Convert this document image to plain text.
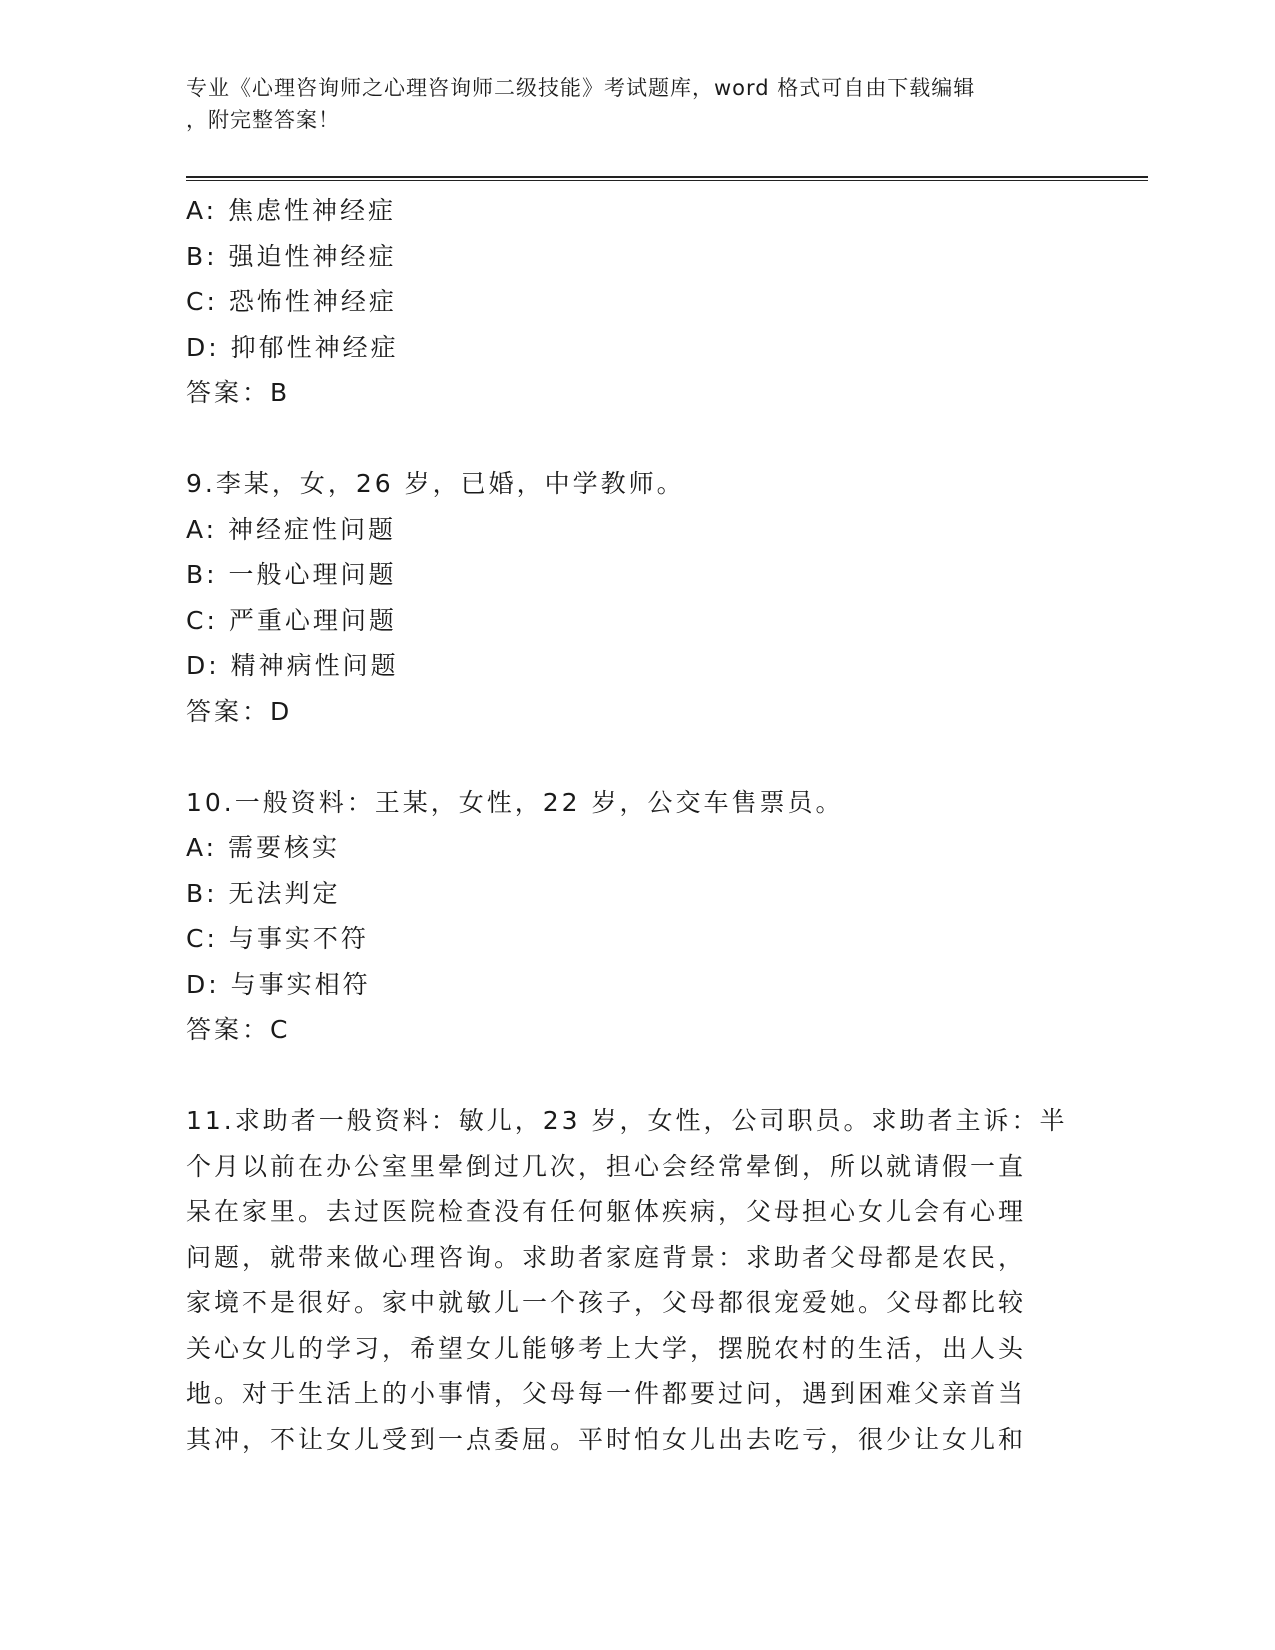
专业《心理咨询师之心理咨询师二级技能》考试题库，word 格式可自由下载编辑
，附完整答案！
A: 焦虑性神经症
B: 强迫性神经症
C: 恐怖性神经症
D: 抑郁性神经症
答案：B
9.李某，女，26 岁，已婚，中学教师。
A: 神经症性问题
B: 一般心理问题
C: 严重心理问题
D: 精神病性问题
答案：D
10.一般资料：王某，女性，22 岁，公交车售票员。
A: 需要核实
B: 无法判定
C: 与事实不符
D: 与事实相符
答案：C
11.求助者一般资料：敏儿，23 岁，女性，公司职员。求助者主诉：半
个月以前在办公室里晕倒过几次，担心会经常晕倒，所以就请假一直
呆在家里。去过医院检查没有任何躯体疾病，父母担心女儿会有心理
问题，就带来做心理咨询。求助者家庭背景：求助者父母都是农民，
家境不是很好。家中就敏儿一个孩子，父母都很宠爱她。父母都比较
关心女儿的学习，希望女儿能够考上大学，摆脱农村的生活，出人头
地。对于生活上的小事情，父母每一件都要过问，遇到困难父亲首当
其冲，不让女儿受到一点委屈。平时怕女儿出去吃亏，很少让女儿和
